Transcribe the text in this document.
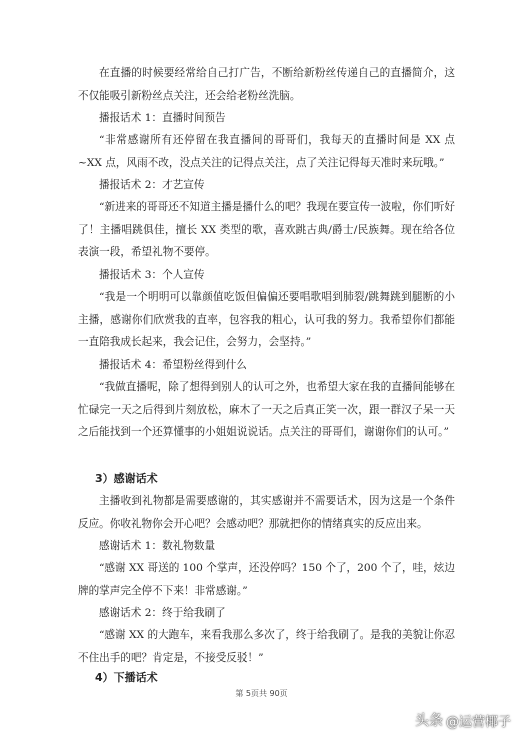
在直播的时候要经常给自己打广告，不断给新粉丝传递自己的直播简介，这不仅能吸引新粉丝点关注，还会给老粉丝洗脑。

播报话术 1：直播时间预告

“非常感谢所有还停留在我直播间的哥哥们，我每天的直播时间是 XX 点~XX 点，风雨不改，没点关注的记得点关注，点了关注记得每天准时来玩哦。”

播报话术 2：才艺宣传

“新进来的哥哥还不知道主播是播什么的吧？我现在要宣传一波啦，你们听好了！主播唱跳俱佳，擅长 XX 类型的歌，喜欢跳古典/爵士/民族舞。现在给各位表演一段，希望礼物不要停。

播报话术 3：个人宣传

“我是一个明明可以靠颜值吃饭但偏偏还要唱歌唱到肺裂/跳舞跳到腿断的小主播，感谢你们欣赏我的直率，包容我的粗心，认可我的努力。我希望你们都能一直陪我成长起来，我会记住，会努力，会坚持。”

播报话术 4：希望粉丝得到什么

“我做直播呢，除了想得到别人的认可之外，也希望大家在我的直播间能够在忙碌完一天之后得到片刻放松，麻木了一天之后真正笑一次，跟一群汉子呆一天之后能找到一个还算懂事的小姐姐说说话。点关注的哥哥们，谢谢你们的认可。”

3）感谢话术

主播收到礼物都是需要感谢的，其实感谢并不需要话术，因为这是一个条件反应。你收礼物你会开心吧？会感动吧？那就把你的情绪真实的反应出来。

感谢话术 1：数礼物数量

“感谢 XX 哥送的 100 个掌声，还没停吗？150 个了，200 个了，哇，炫边牌的掌声完全停不下来！非常感谢。”

感谢话术 2：终于给我刷了

“感谢 XX 的大跑车，来看我那么多次了，终于给我刷了。是我的美貌让你忍不住出手的吧？肯定是，不接受反驳！”

4）下播话术

第 5页共 90页

头条 @运营椰子
